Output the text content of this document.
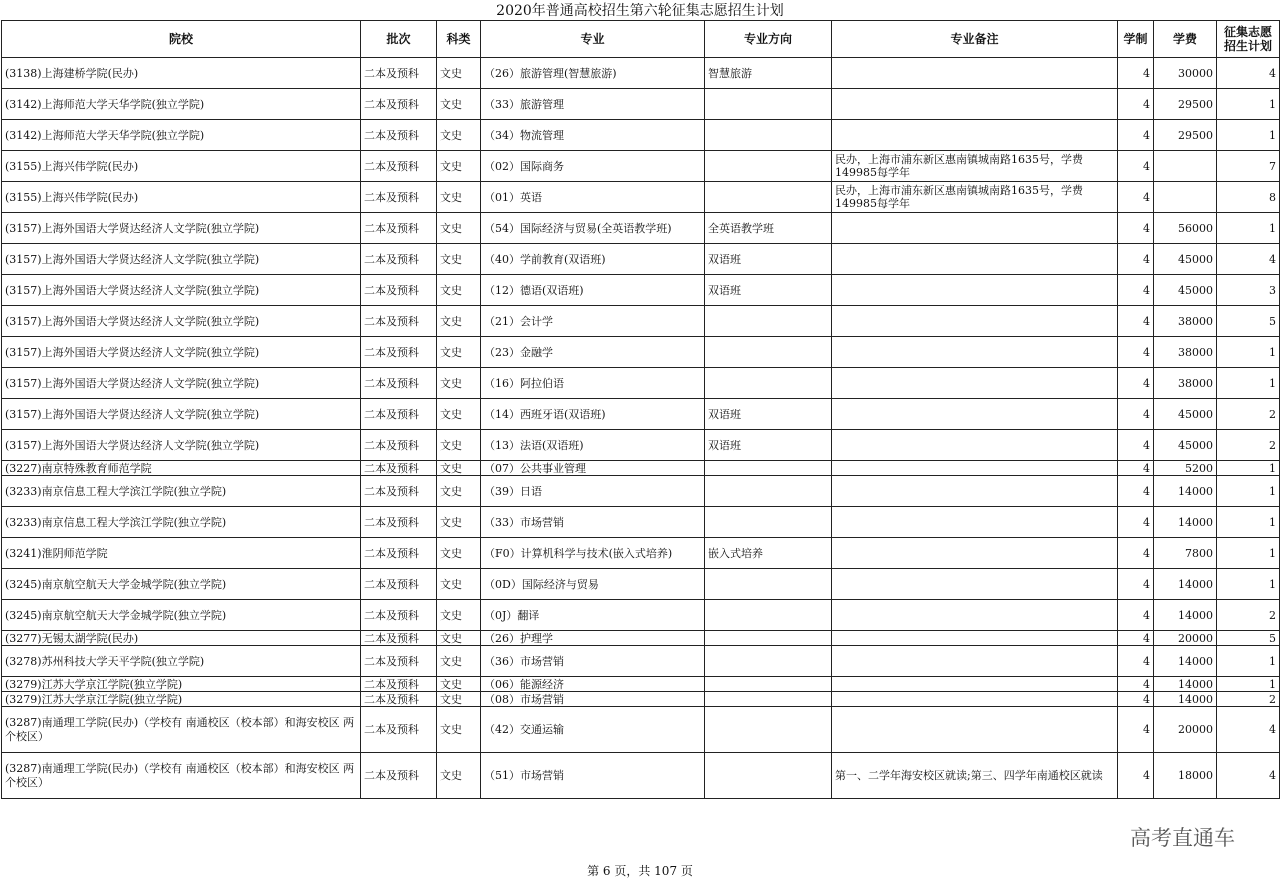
2020年普通高校招生第六轮征集志愿招生计划
院校	批次	科类	专业	专业方向	专业备注	学制	学费	征集志愿招生计划
(3138)上海建桥学院(民办)	二本及预科	文史	（26）旅游管理(智慧旅游)	智慧旅游		4	30000	4
(3142)上海师范大学天华学院(独立学院)	二本及预科	文史	（33）旅游管理			4	29500	1
(3142)上海师范大学天华学院(独立学院)	二本及预科	文史	（34）物流管理			4	29500	1
(3155)上海兴伟学院(民办)	二本及预科	文史	（02）国际商务		民办，上海市浦东新区惠南镇城南路1635号，学费149985每学年	4		7
(3155)上海兴伟学院(民办)	二本及预科	文史	（01）英语		民办，上海市浦东新区惠南镇城南路1635号，学费149985每学年	4		8
(3157)上海外国语大学贤达经济人文学院(独立学院)	二本及预科	文史	（54）国际经济与贸易(全英语教学班)	全英语教学班		4	56000	1
(3157)上海外国语大学贤达经济人文学院(独立学院)	二本及预科	文史	（40）学前教育(双语班)	双语班		4	45000	4
(3157)上海外国语大学贤达经济人文学院(独立学院)	二本及预科	文史	（12）德语(双语班)	双语班		4	45000	3
(3157)上海外国语大学贤达经济人文学院(独立学院)	二本及预科	文史	（21）会计学			4	38000	5
(3157)上海外国语大学贤达经济人文学院(独立学院)	二本及预科	文史	（23）金融学			4	38000	1
(3157)上海外国语大学贤达经济人文学院(独立学院)	二本及预科	文史	（16）阿拉伯语			4	38000	1
(3157)上海外国语大学贤达经济人文学院(独立学院)	二本及预科	文史	（14）西班牙语(双语班)	双语班		4	45000	2
(3157)上海外国语大学贤达经济人文学院(独立学院)	二本及预科	文史	（13）法语(双语班)	双语班		4	45000	2
(3227)南京特殊教育师范学院	二本及预科	文史	（07）公共事业管理			4	5200	1
(3233)南京信息工程大学滨江学院(独立学院)	二本及预科	文史	（39）日语			4	14000	1
(3233)南京信息工程大学滨江学院(独立学院)	二本及预科	文史	（33）市场营销			4	14000	1
(3241)淮阴师范学院	二本及预科	文史	（F0）计算机科学与技术(嵌入式培养)	嵌入式培养		4	7800	1
(3245)南京航空航天大学金城学院(独立学院)	二本及预科	文史	（0D）国际经济与贸易			4	14000	1
(3245)南京航空航天大学金城学院(独立学院)	二本及预科	文史	（0J）翻译			4	14000	2
(3277)无锡太湖学院(民办)	二本及预科	文史	（26）护理学			4	20000	5
(3278)苏州科技大学天平学院(独立学院)	二本及预科	文史	（36）市场营销			4	14000	1
(3279)江苏大学京江学院(独立学院)	二本及预科	文史	（06）能源经济			4	14000	1
(3279)江苏大学京江学院(独立学院)	二本及预科	文史	（08）市场营销			4	14000	2
(3287)南通理工学院(民办)（学校有 南通校区（校本部）和海安校区 两个校区）	二本及预科	文史	（42）交通运输			4	20000	4
(3287)南通理工学院(民办)（学校有 南通校区（校本部）和海安校区 两个校区）	二本及预科	文史	（51）市场营销		第一、二学年海安校区就读;第三、四学年南通校区就读	4	18000	4
高考直通车
第 6 页，共 107 页
